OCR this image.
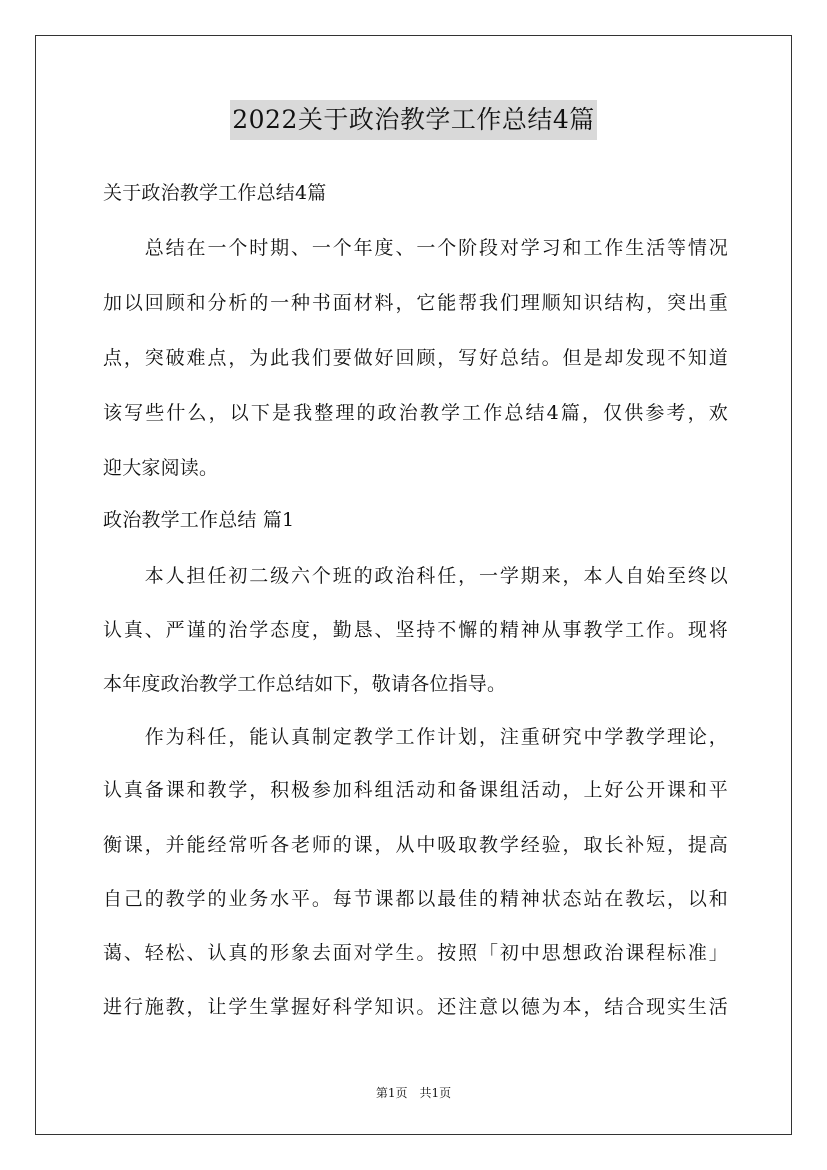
2022关于政治教学工作总结4篇
关于政治教学工作总结4篇
　　总结在一个时期、一个年度、一个阶段对学习和工作生活等情况
加以回顾和分析的一种书面材料，它能帮我们理顺知识结构，突出重
点，突破难点，为此我们要做好回顾，写好总结。但是却发现不知道
该写些什么，以下是我整理的政治教学工作总结4篇，仅供参考，欢
迎大家阅读。
政治教学工作总结 篇1
　　本人担任初二级六个班的政治科任，一学期来，本人自始至终以
认真、严谨的治学态度，勤恳、坚持不懈的精神从事教学工作。现将
本年度政治教学工作总结如下，敬请各位指导。
　　作为科任，能认真制定教学工作计划，注重研究中学教学理论，
认真备课和教学，积极参加科组活动和备课组活动，上好公开课和平
衡课，并能经常听各老师的课，从中吸取教学经验，取长补短，提高
自己的教学的业务水平。每节课都以最佳的精神状态站在教坛，以和
蔼、轻松、认真的形象去面对学生。按照「初中思想政治课程标准」
进行施教，让学生掌握好科学知识。还注意以德为本，结合现实生活
第1页　共1页
